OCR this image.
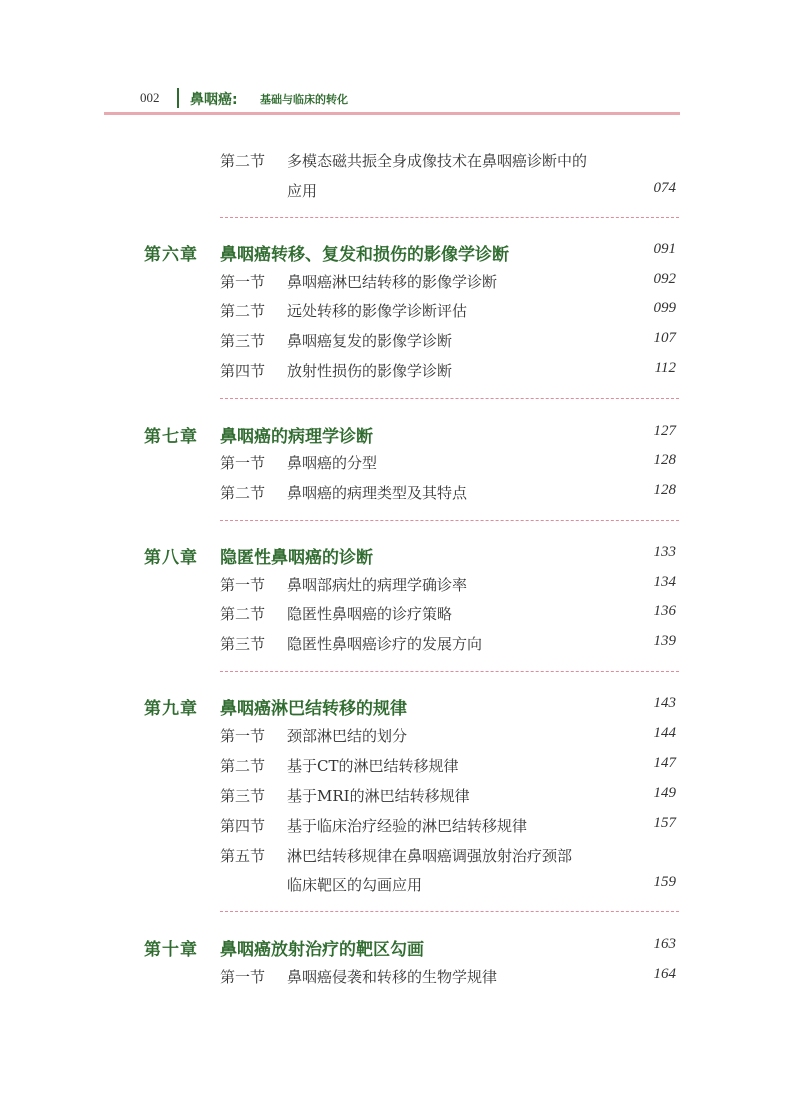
002 鼻咽癌: 基础与临床的转化
第二节 多模态磁共振全身成像技术在鼻咽癌诊断中的
应用	074
第六章 鼻咽癌转移、复发和损伤的影像学诊断	091
第一节 鼻咽癌淋巴结转移的影像学诊断	092
第二节 远处转移的影像学诊断评估	099
第三节 鼻咽癌复发的影像学诊断	107
第四节 放射性损伤的影像学诊断	112
第七章 鼻咽癌的病理学诊断	127
第一节 鼻咽癌的分型	128
第二节 鼻咽癌的病理类型及其特点	128
第八章 隐匿性鼻咽癌的诊断	133
第一节 鼻咽部病灶的病理学确诊率	134
第二节 隐匿性鼻咽癌的诊疗策略	136
第三节 隐匿性鼻咽癌诊疗的发展方向	139
第九章 鼻咽癌淋巴结转移的规律	143
第一节 颈部淋巴结的划分	144
第二节 基于CT的淋巴结转移规律	147
第三节 基于MRI的淋巴结转移规律	149
第四节 基于临床治疗经验的淋巴结转移规律	157
第五节 淋巴结转移规律在鼻咽癌调强放射治疗颈部
临床靶区的勾画应用	159
第十章 鼻咽癌放射治疗的靶区勾画	163
第一节 鼻咽癌侵袭和转移的生物学规律	164
